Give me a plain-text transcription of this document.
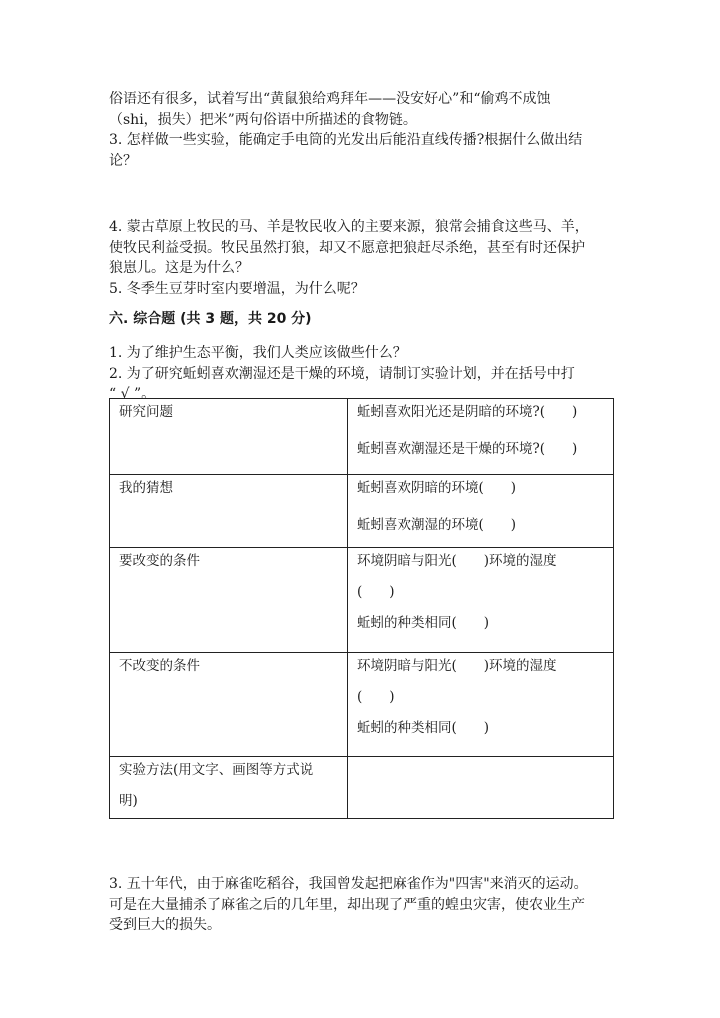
俗语还有很多，试着写出“黄鼠狼给鸡拜年——没安好心”和“偷鸡不成蚀
（shi，损失）把米”两句俗语中所描述的食物链。
3. 怎样做一些实验，能确定手电筒的光发出后能沿直线传播?根据什么做出结
论？
4. 蒙古草原上牧民的马、羊是牧民收入的主要来源，狼常会捕食这些马、羊，
使牧民利益受损。牧民虽然打狼，却又不愿意把狼赶尽杀绝，甚至有时还保护
狼崽儿。这是为什么？
5. 冬季生豆芽时室内要增温，为什么呢？
六. 综合题 (共 3 题，共 20 分)
1. 为了维护生态平衡，我们人类应该做些什么？
2. 为了研究蚯蚓喜欢潮湿还是干燥的环境，请制订实验计划，并在括号中打
“ √ ”。
研究问题	蚯蚓喜欢阳光还是阴暗的环境?(　　)
蚯蚓喜欢潮湿还是干燥的环境?(　　)

我的猜想	蚯蚓喜欢阴暗的环境(　　)
蚯蚓喜欢潮湿的环境(　　)

要改变的条件	环境阴暗与阳光(　　)环境的湿度
(　　)
蚯蚓的种类相同(　　)

不改变的条件	环境阴暗与阳光(　　)环境的湿度
(　　)
蚯蚓的种类相同(　　)

实验方法(用文字、画图等方式说
明)	

3. 五十年代，由于麻雀吃稻谷，我国曾发起把麻雀作为"四害"来消灭的运动。
可是在大量捕杀了麻雀之后的几年里，却出现了严重的蝗虫灾害，使农业生产
受到巨大的损失。
